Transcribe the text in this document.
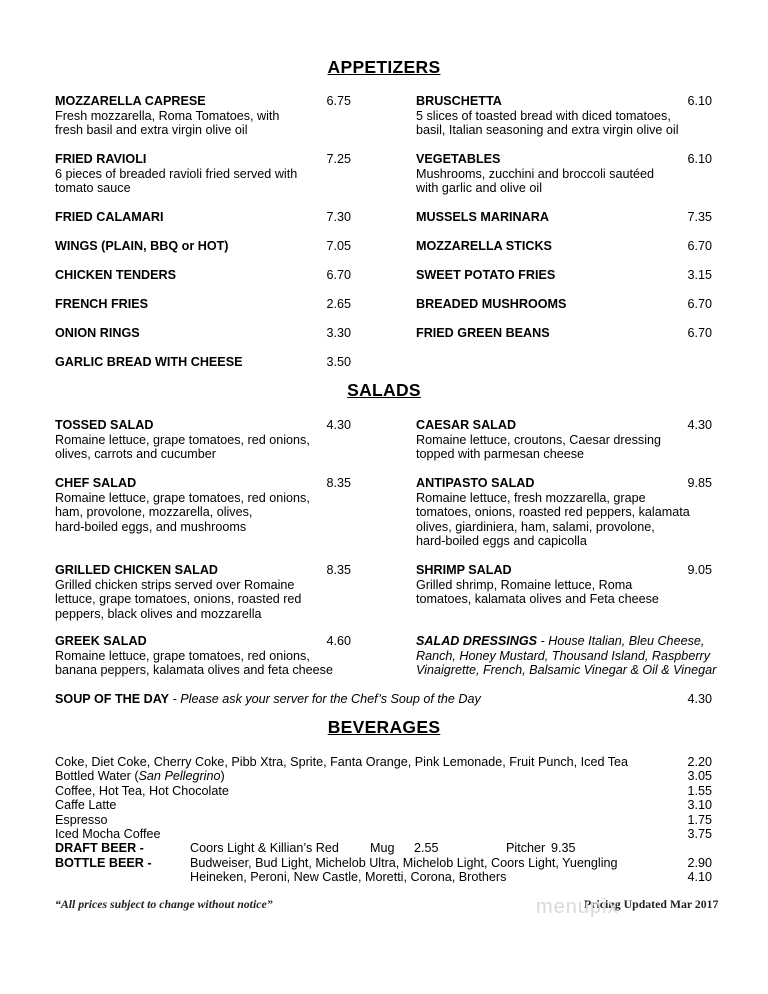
APPETIZERS
MOZZARELLA CAPRESE
Fresh mozzarella, Roma Tomatoes, with
fresh basil and extra virgin olive oil
6.75
FRIED RAVIOLI
6 pieces of breaded ravioli fried served with
tomato sauce
7.25
FRIED CALAMARI	7.30
WINGS (PLAIN, BBQ or HOT)	7.05
CHICKEN TENDERS	6.70
FRENCH FRIES	2.65
ONION RINGS	3.30
GARLIC BREAD WITH CHEESE	3.50
BRUSCHETTA
5 slices of toasted bread with diced tomatoes,
basil, Italian seasoning and extra virgin olive oil
6.10
VEGETABLES
Mushrooms, zucchini and broccoli sautéed
with garlic and olive oil
6.10
MUSSELS MARINARA	7.35
MOZZARELLA STICKS	6.70
SWEET POTATO FRIES	3.15
BREADED MUSHROOMS	6.70
FRIED GREEN BEANS	6.70
SALADS
TOSSED SALAD
Romaine lettuce, grape tomatoes, red onions,
olives, carrots and cucumber
4.30
CHEF SALAD
Romaine lettuce, grape tomatoes, red onions,
ham, provolone, mozzarella, olives,
hard-boiled eggs, and mushrooms
8.35
GRILLED CHICKEN SALAD
Grilled chicken strips served over Romaine
lettuce, grape tomatoes, onions, roasted red
peppers, black olives and mozzarella
8.35
GREEK SALAD
Romaine lettuce, grape tomatoes, red onions,
banana peppers, kalamata olives and feta cheese
4.60
CAESAR SALAD
Romaine lettuce, croutons, Caesar dressing
topped with parmesan cheese
4.30
ANTIPASTO SALAD
Romaine lettuce, fresh mozzarella, grape
tomatoes, onions, roasted red peppers, kalamata
olives, giardiniera, ham, salami, provolone,
hard-boiled eggs and capicolla
9.85
SHRIMP SALAD
Grilled shrimp, Romaine lettuce, Roma
tomatoes, kalamata olives and Feta cheese
9.05
SALAD DRESSINGS - House Italian, Bleu Cheese,
Ranch, Honey Mustard, Thousand Island, Raspberry
Vinaigrette, French, Balsamic Vinegar & Oil & Vinegar
SOUP OF THE DAY - Please ask your server for the Chef’s Soup of the Day	4.30
BEVERAGES
Coke, Diet Coke, Cherry Coke, Pibb Xtra, Sprite, Fanta Orange, Pink Lemonade, Fruit Punch, Iced Tea	2.20
Bottled Water (San Pellegrino)	3.05
Coffee, Hot Tea, Hot Chocolate	1.55
Caffe Latte	3.10
Espresso	1.75
Iced Mocha Coffee	3.75
DRAFT BEER -	Coors Light & Killian’s Red Mug 2.55	Pitcher 9.35
BOTTLE BEER -	Budweiser, Bud Light, Michelob Ultra, Michelob Light, Coors Light, Yuengling	2.90
Heineken, Peroni, New Castle, Moretti, Corona, Brothers	4.10
“All prices subject to change without notice”	Pricing Updated Mar 2017
menupix
